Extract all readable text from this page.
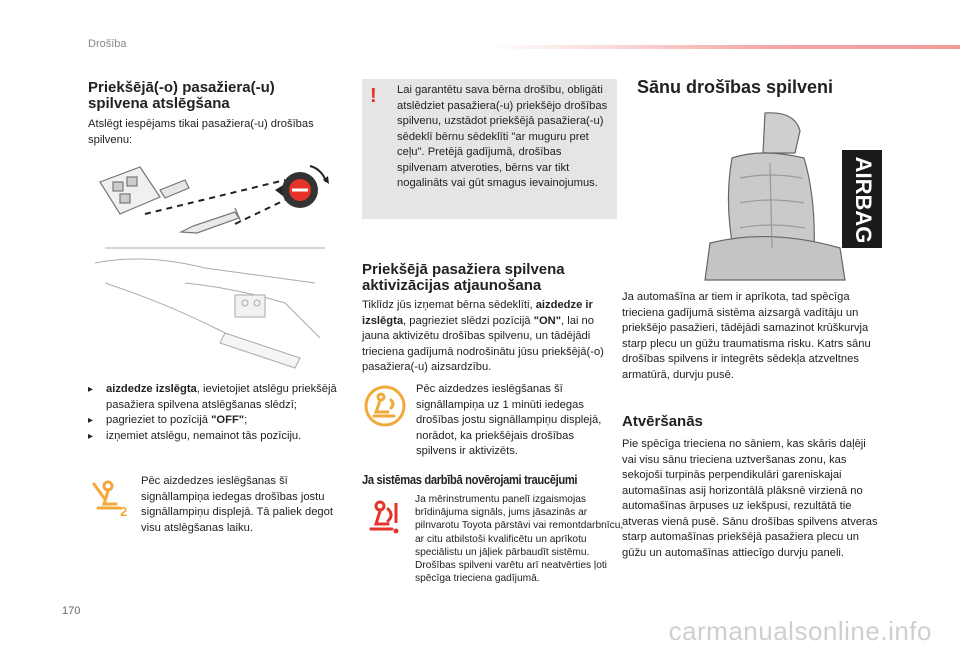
Drošība
Priekšējā(-o) pasažiera(-u)
spilvena atslēgšana

Atslēgt iespējams tikai pasažiera(-u) drošības spilvenu:

▸ aizdedze izslēgta, ievietojiet atslēgu priekšējā pasažiera spilvena atslēgšanas slēdzī;
▸ pagrieziet to pozīcijā "OFF";
▸ izņemiet atslēgu, nemainot tās pozīciju.
2

Pēc aizdedzes ieslēgšanas šī signāllampiņa iedegas drošības jostu signāllampiņu displejā. Tā paliek degot visu atslēgšanas laiku.

! Lai garantētu sava bērna drošību, obligāti atslēdziet pasažiera(-u) priekšējo drošības spilvenu, uzstādot priekšējā pasažiera(-u) sēdeklī bērnu sēdeklīti "ar muguru pret ceļu". Pretējā gadījumā, drošības spilvenam atveroties, bērns var tikt nogalināts vai gūt smagus ievainojumus.

Priekšējā pasažiera spilvena
aktivizācijas atjaunošana

Tiklīdz jūs izņemat bērna sēdeklīti, aizdedze ir izslēgta, pagrieziet slēdzi pozīcijā "ON", lai no jauna aktivizētu drošības spilvenu, un tādējādi trieciena gadījumā nodrošinātu jūsu priekšējā(-o) pasažiera(-u) aizsardzību.

Pēc aizdedzes ieslēgšanas šī signāllampiņa uz 1 minūti iedegas drošības jostu signāllampiņu displejā, norādot, ka priekšējais drošības spilvens ir aktivizēts.

Ja sistēmas darbībā novērojami traucējumi

Ja mērinstrumentu panelī izgaismojas brīdinājuma signāls, jums jāsazinās ar pilnvarotu Toyota pārstāvi vai remontdarbnīcu, ar citu atbilstoši kvalificētu un aprīkotu speciālistu un jāļiek pārbaudīt sistēmu. Drošības spilveni varētu arī neatvērties ļoti spēcīga trieciena gadījumā.

Sānu drošības spilveni
AIRBAG

Ja automašīna ar tiem ir aprīkota, tad spēcīga trieciena gadījumā sistēma aizsargā vadītāju un priekšējo pasažieri, tādējādi samazinot krūškurvja starp plecu un gūžu traumatisma risku. Katrs sānu drošības spilvens ir integrēts sēdekļa atzveltnes armatūrā, durvju pusē.

Atvēršanās

Pie spēcīga trieciena no sāniem, kas skāris daļēji vai visu sānu trieciena uztveršanas zonu, kas sekojoši turpinās perpendikulāri gareniskajai automašīnas asij horizontālā plāksnē virzienā no automašīnas ārpuses uz iekšpusi, rezultātā tie atveras vienā pusē. Sānu drošības spilvens atveras starp automašīnas priekšējā pasažiera plecu un gūžu un automašīnas attiecīgo durvju paneli.

170
carmanualsonline.info
